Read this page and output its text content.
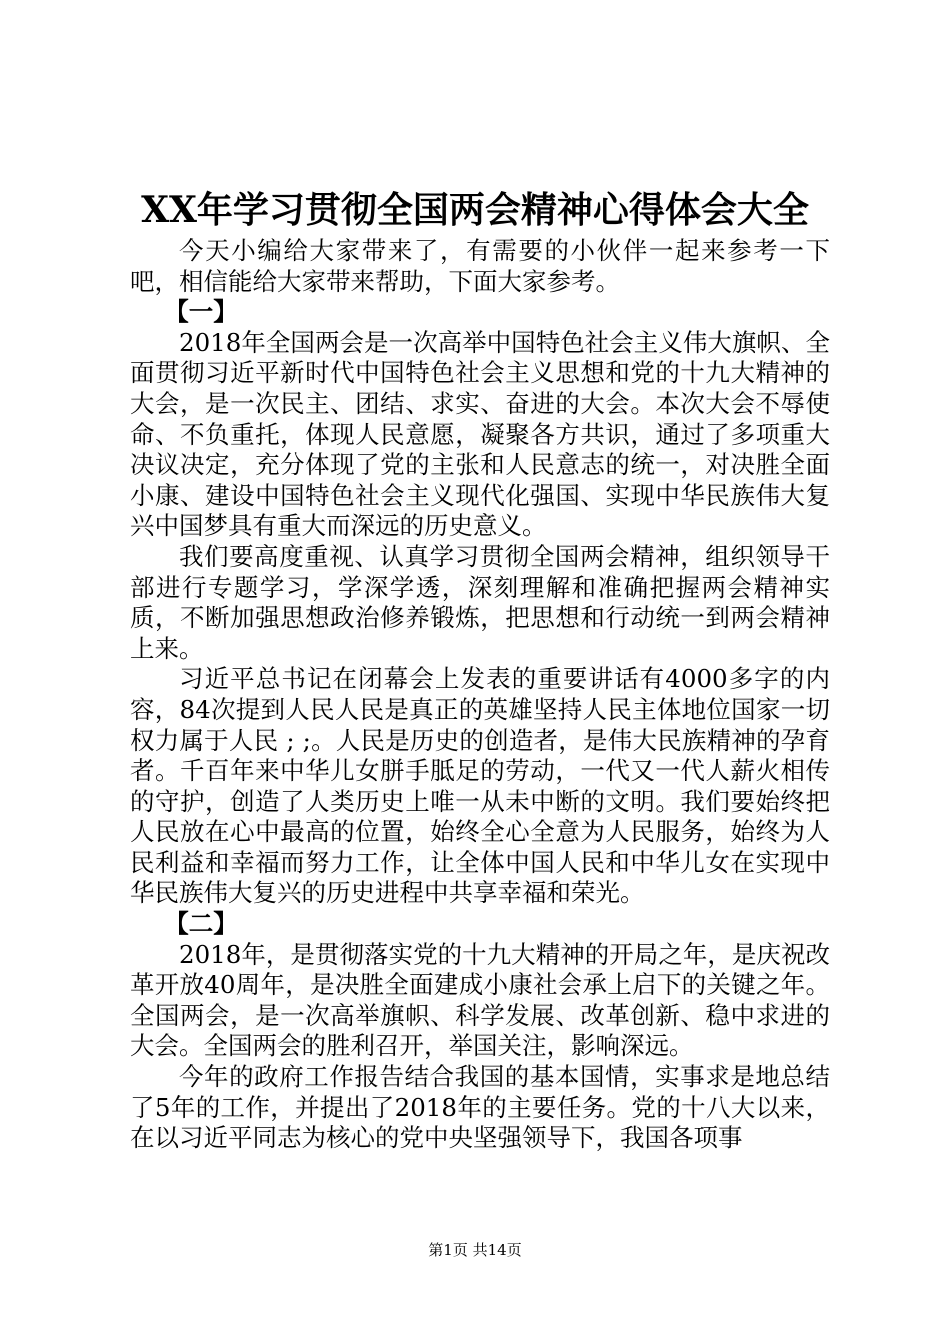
XX年学习贯彻全国两会精神心得体会大全

今天小编给大家带来了，有需要的小伙伴一起来参考一下吧，相信能给大家带来帮助，下面大家参考。

【一】

2018年全国两会是一次高举中国特色社会主义伟大旗帜、全面贯彻习近平新时代中国特色社会主义思想和党的十九大精神的大会，是一次民主、团结、求实、奋进的大会。本次大会不辱使命、不负重托，体现人民意愿，凝聚各方共识，通过了多项重大决议决定，充分体现了党的主张和人民意志的统一，对决胜全面小康、建设中国特色社会主义现代化强国、实现中华民族伟大复兴中国梦具有重大而深远的历史意义。

我们要高度重视、认真学习贯彻全国两会精神，组织领导干部进行专题学习，学深学透，深刻理解和准确把握两会精神实质，不断加强思想政治修养锻炼，把思想和行动统一到两会精神上来。

习近平总书记在闭幕会上发表的重要讲话有4000多字的内容，84次提到人民人民是真正的英雄坚持人民主体地位国家一切权力属于人民 ; ;。人民是历史的创造者，是伟大民族精神的孕育者。千百年来中华儿女胼手胝足的劳动，一代又一代人薪火相传的守护，创造了人类历史上唯一从未中断的文明。我们要始终把人民放在心中最高的位置，始终全心全意为人民服务，始终为人民利益和幸福而努力工作，让全体中国人民和中华儿女在实现中华民族伟大复兴的历史进程中共享幸福和荣光。

【二】

2018年，是贯彻落实党的十九大精神的开局之年，是庆祝改革开放40周年，是决胜全面建成小康社会承上启下的关键之年。全国两会，是一次高举旗帜、科学发展、改革创新、稳中求进的大会。全国两会的胜利召开，举国关注，影响深远。

今年的政府工作报告结合我国的基本国情，实事求是地总结了5年的工作，并提出了2018年的主要任务。党的十八大以来，在以习近平同志为核心的党中央坚强领导下，我国各项事

第1页 共14页
